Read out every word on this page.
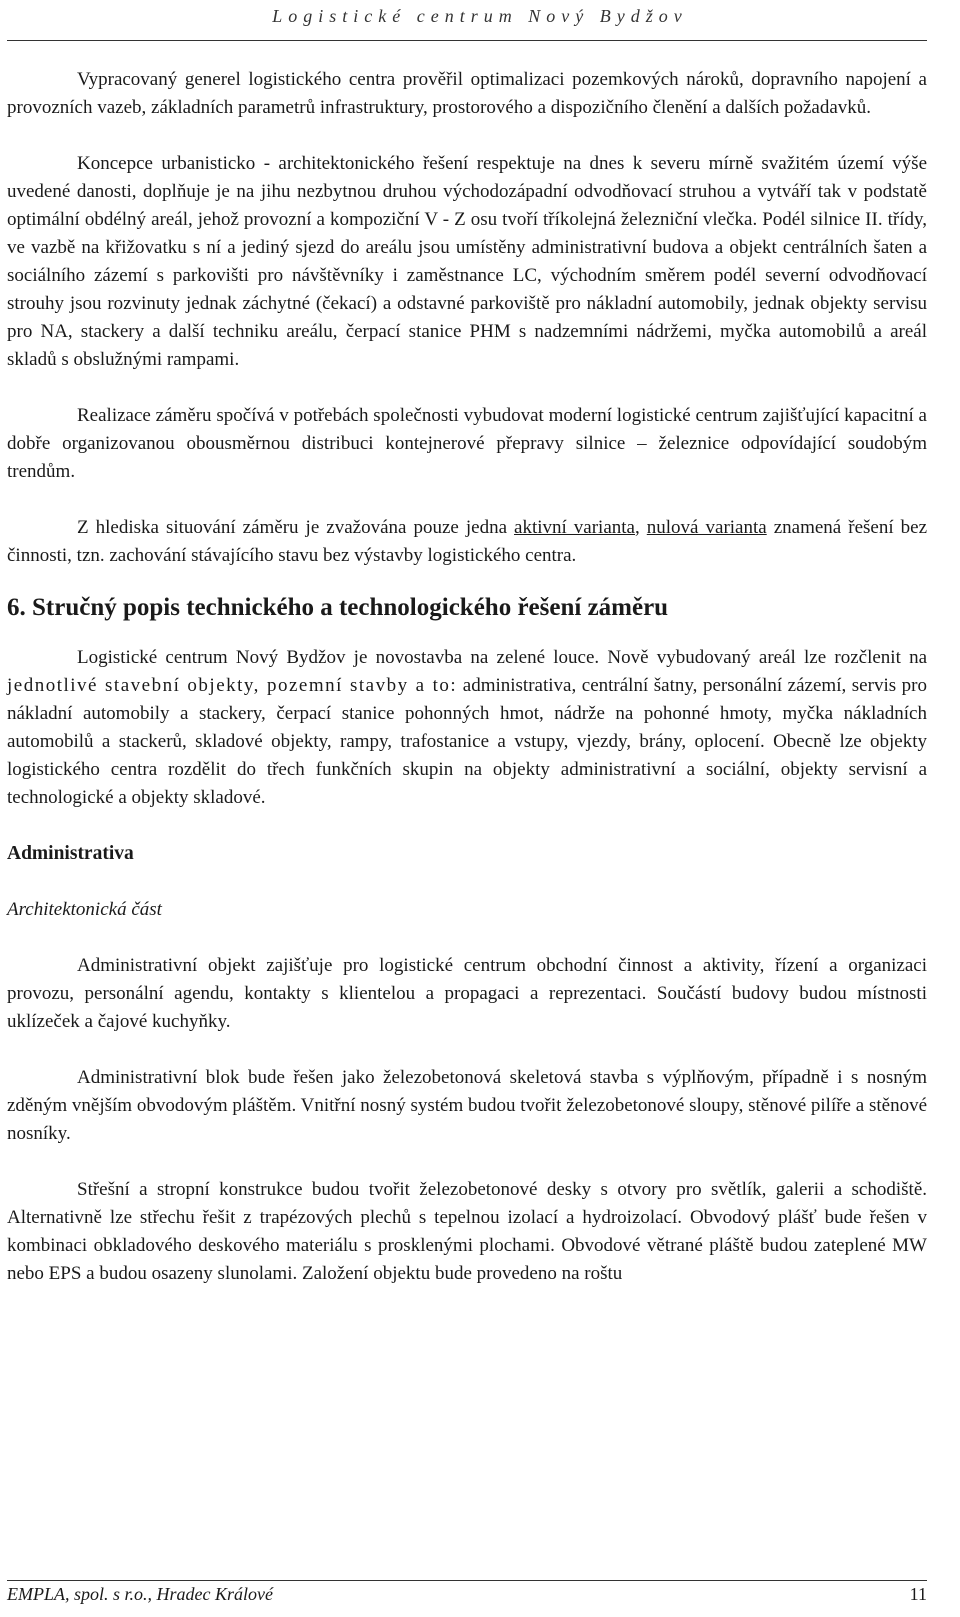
Logistické centrum Nový Bydžov

Vypracovaný generel logistického centra prověřil optimalizaci pozemkových nároků, dopravního napojení a provozních vazeb, základních parametrů infrastruktury, prostorového a dispozičního členění a dalších požadavků.

Koncepce urbanisticko - architektonického řešení respektuje na dnes k severu mírně svažitém území výše uvedené danosti, doplňuje je na jihu nezbytnou druhou východozápadní odvodňovací struhou a vytváří tak v podstatě optimální obdélný areál, jehož provozní a kompoziční V - Z osu tvoří tříkolejná železniční vlečka. Podél silnice II. třídy, ve vazbě na křižovatku s ní a jediný sjezd do areálu jsou umístěny administrativní budova a objekt centrálních šaten a sociálního zázemí s parkovišti pro návštěvníky i zaměstnance LC, východním směrem podél severní odvodňovací strouhy jsou rozvinuty jednak záchytné (čekací) a odstavné parkoviště pro nákladní automobily, jednak objekty servisu pro NA, stackery a další techniku areálu, čerpací stanice PHM s nadzemními nádržemi, myčka automobilů a areál skladů s obslužnými rampami.

Realizace záměru spočívá v potřebách společnosti vybudovat moderní logistické centrum zajišťující kapacitní a dobře organizovanou obousměrnou distribuci kontejnerové přepravy silnice – železnice odpovídající soudobým trendům.

Z hlediska situování záměru je zvažována pouze jedna aktivní varianta, nulová varianta znamená řešení bez činnosti, tzn. zachování stávajícího stavu bez výstavby logistického centra.

6. Stručný popis technického a technologického řešení záměru

Logistické centrum Nový Bydžov je novostavba na zelené louce. Nově vybudovaný areál lze rozčlenit na jednotlivé stavební objekty, pozemní stavby a to: administrativa, centrální šatny, personální zázemí, servis pro nákladní automobily a stackery, čerpací stanice pohonných hmot, nádrže na pohonné hmoty, myčka nákladních automobilů a stackerů, skladové objekty, rampy, trafostanice a vstupy, vjezdy, brány, oplocení. Obecně lze objekty logistického centra rozdělit do třech funkčních skupin na objekty administrativní a sociální, objekty servisní a technologické a objekty skladové.

Administrativa
Architektonická část

Administrativní objekt zajišťuje pro logistické centrum obchodní činnost a aktivity, řízení a organizaci provozu, personální agendu, kontakty s klientelou a propagaci a reprezentaci. Součástí budovy budou místnosti uklízeček a čajové kuchyňky.

Administrativní blok bude řešen jako železobetonová skeletová stavba s výplňovým, případně i s nosným zděným vnějším obvodovým pláštěm. Vnitřní nosný systém budou tvořit železobetonové sloupy, stěnové pilíře a stěnové nosníky.

Střešní a stropní konstrukce budou tvořit železobetonové desky s otvory pro světlík, galerii a schodiště. Alternativně lze střechu řešit z trapézových plechů s tepelnou izolací a hydroizolací. Obvodový plášť bude řešen v kombinaci obkladového deskového materiálu s prosklenými plochami. Obvodové větrané pláště budou zateplené MW nebo EPS a budou osazeny slunolami. Založení objektu bude provedeno na roštu

EMPLA, spol. s r.o., Hradec Králové	11
